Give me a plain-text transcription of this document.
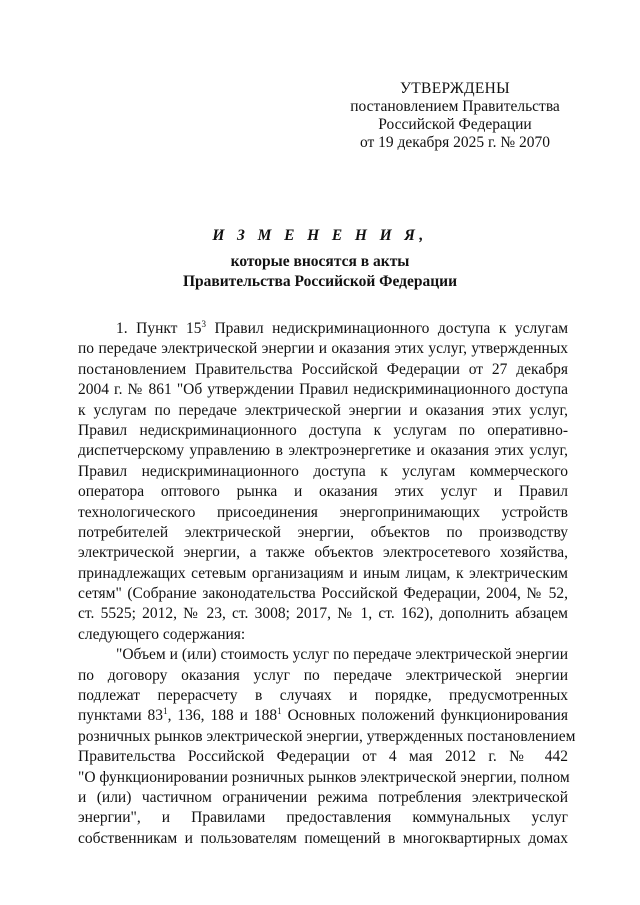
УТВЕРЖДЕНЫ
постановлением Правительства
Российской Федерации
от 19 декабря 2025 г. № 2070
И З М Е Н Е Н И Я,
которые вносятся в акты
Правительства Российской Федерации
1. Пункт $15^3$ Правил недискриминационного доступа к услугам
по передаче электрической энергии и оказания этих услуг, утвержденных
постановлением Правительства Российской Федерации от 27 декабря
2004 г. № 861 "Об утверждении Правил недискриминационного доступа
к услугам по передаче электрической энергии и оказания этих услуг,
Правил недискриминационного доступа к услугам по оперативно-
диспетчерскому управлению в электроэнергетике и оказания этих услуг,
Правил недискриминационного доступа к услугам коммерческого
оператора оптового рынка и оказания этих услуг и Правил
технологического присоединения энергопринимающих устройств
потребителей электрической энергии, объектов по производству
электрической энергии, а также объектов электросетевого хозяйства,
принадлежащих сетевым организациям и иным лицам, к электрическим
сетям" (Собрание законодательства Российской Федерации, 2004, № 52,
ст. 5525; 2012, № 23, ст. 3008; 2017, № 1, ст. 162), дополнить абзацем
следующего содержания:
"Объем и (или) стоимость услуг по передаче электрической энергии
по договору оказания услуг по передаче электрической энергии
подлежат перерасчету в случаях и порядке, предусмотренных
пунктами $83^1$, 136, 188 и $188^1$ Основных положений функционирования
розничных рынков электрической энергии, утвержденных постановлением
Правительства Российской Федерации от 4 мая 2012 г. № 442
"О функционировании розничных рынков электрической энергии, полном
и (или) частичном ограничении режима потребления электрической
энергии", и Правилами предоставления коммунальных услуг
собственникам и пользователям помещений в многоквартирных домах
